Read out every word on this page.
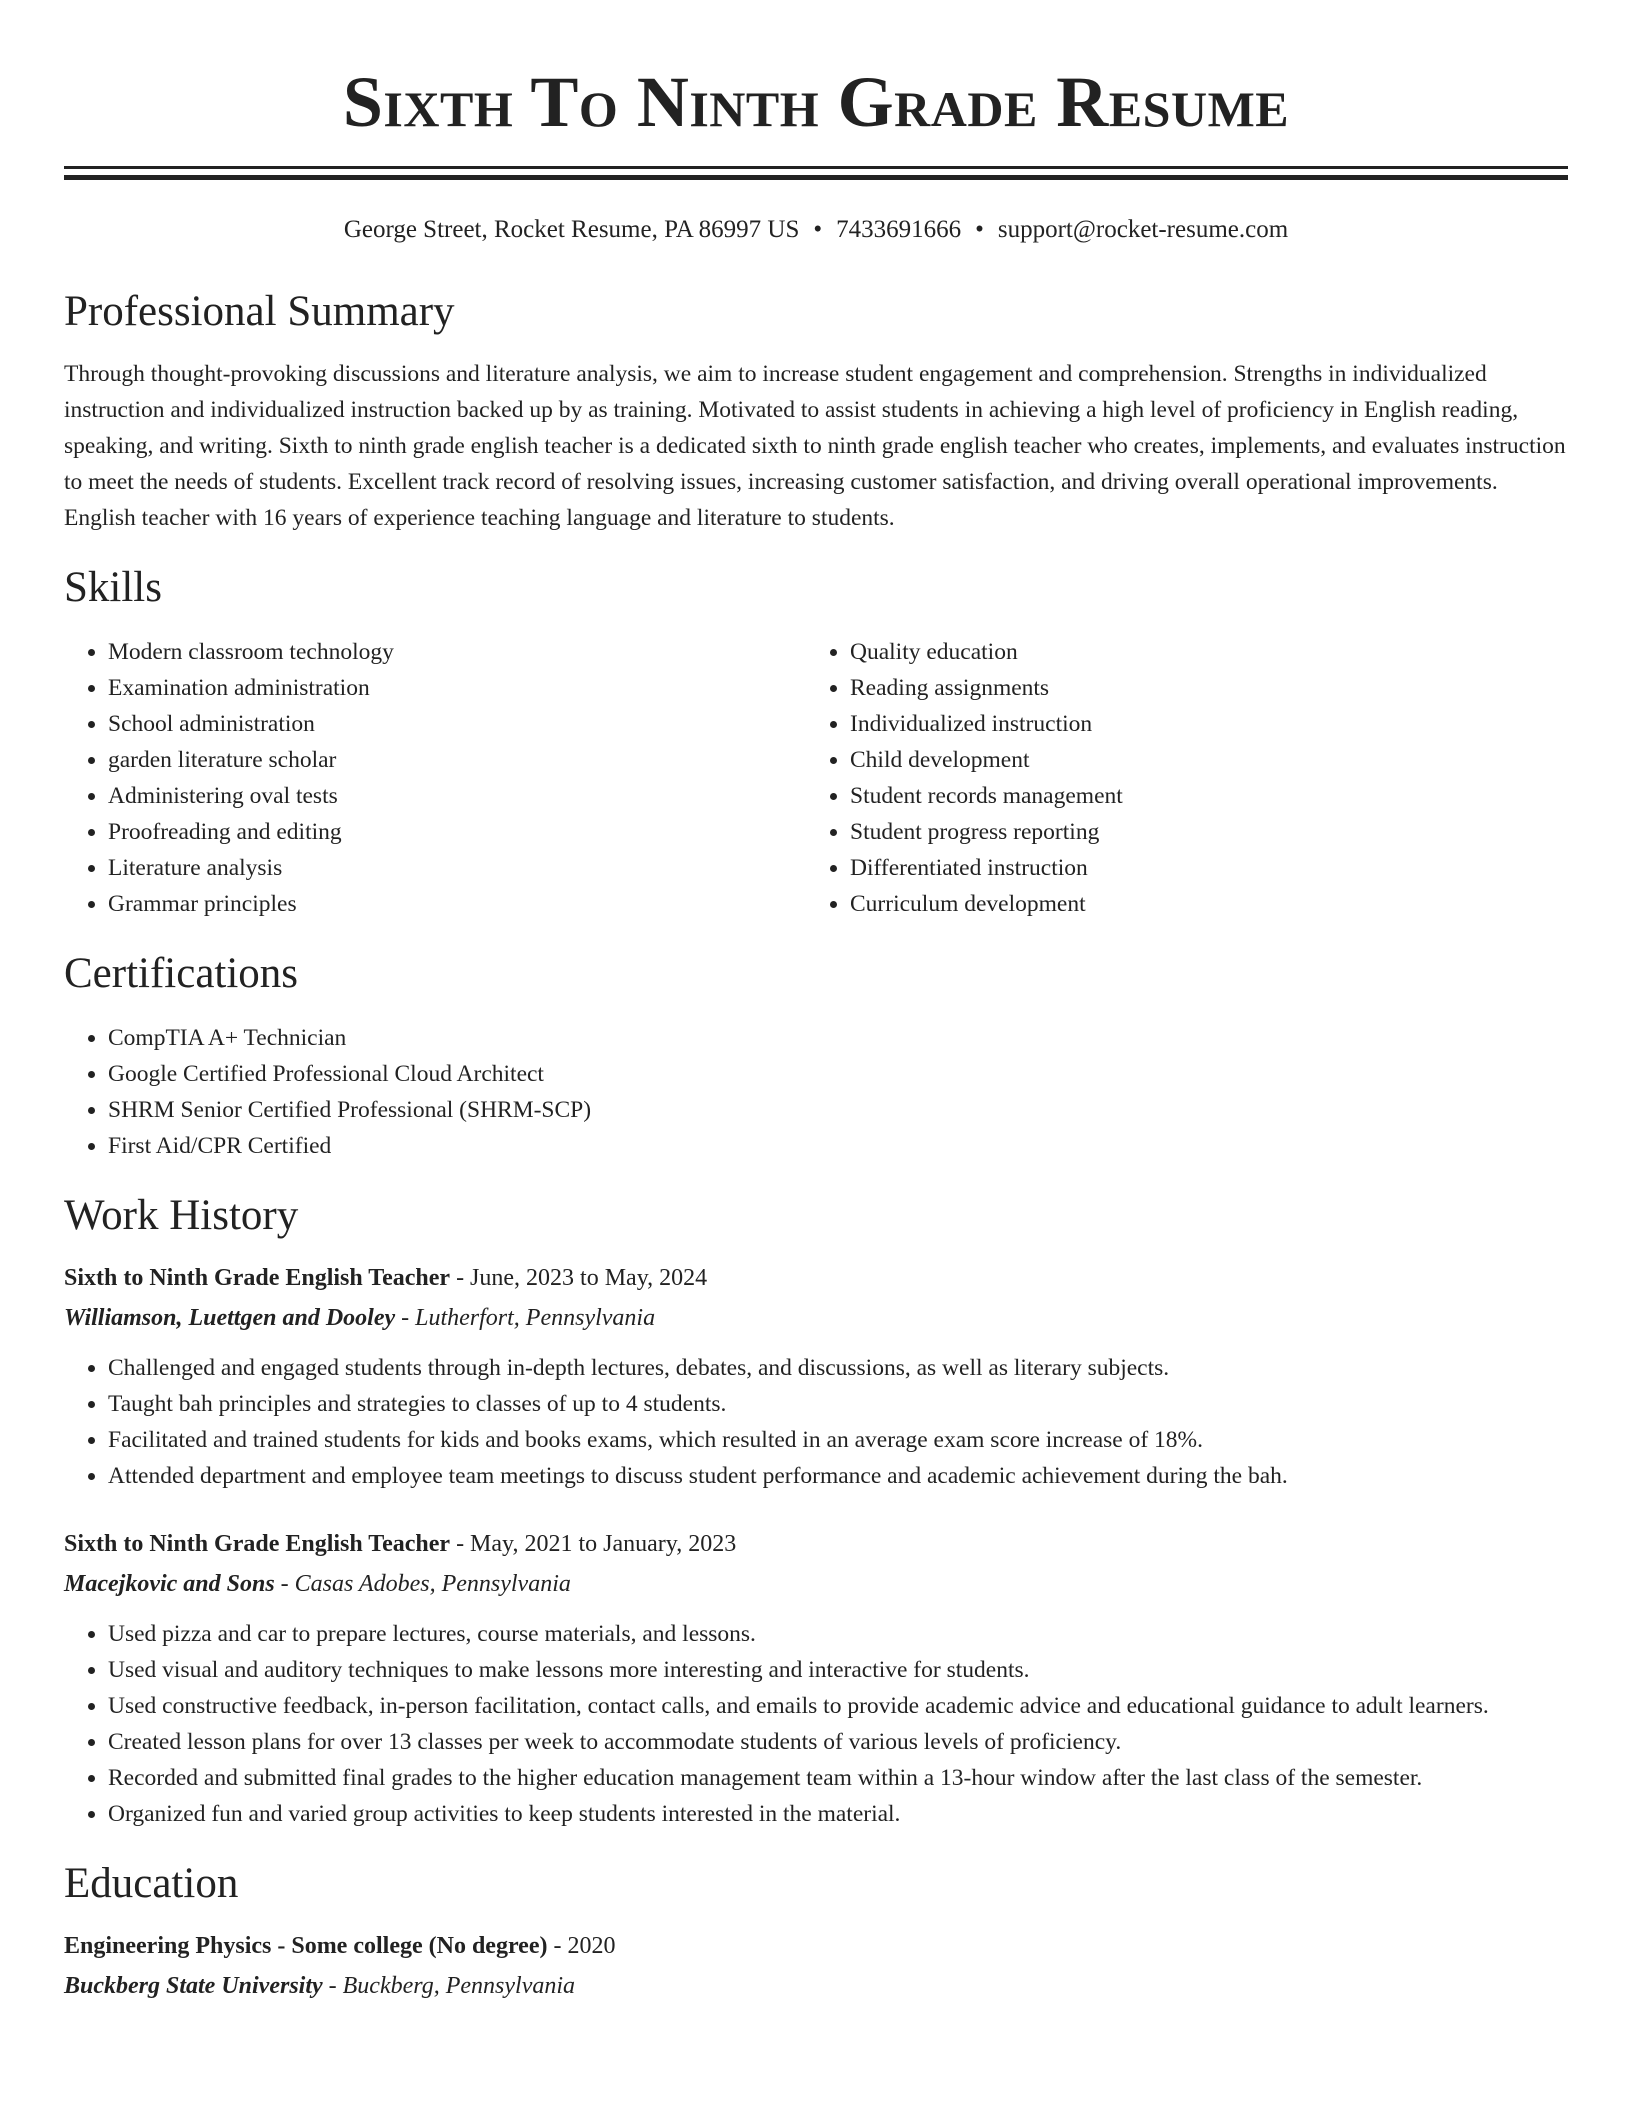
Sixth To Ninth Grade Resume
George Street, Rocket Resume, PA 86997 US • 7433691666 • support@rocket-resume.com
Professional Summary

Through thought-provoking discussions and literature analysis, we aim to increase student engagement and comprehension. Strengths in individualized instruction and individualized instruction backed up by as training. Motivated to assist students in achieving a high level of proficiency in English reading, speaking, and writing. Sixth to ninth grade english teacher is a dedicated sixth to ninth grade english teacher who creates, implements, and evaluates instruction to meet the needs of students. Excellent track record of resolving issues, increasing customer satisfaction, and driving overall operational improvements. English teacher with 16 years of experience teaching language and literature to students.

Skills
• Modern classroom technology
• Examination administration
• School administration
• garden literature scholar
• Administering oval tests
• Proofreading and editing
• Literature analysis
• Grammar principles
• Quality education
• Reading assignments
• Individualized instruction
• Child development
• Student records management
• Student progress reporting
• Differentiated instruction
• Curriculum development
Certifications
• CompTIA A+ Technician
• Google Certified Professional Cloud Architect
• SHRM Senior Certified Professional (SHRM-SCP)
• First Aid/CPR Certified
Work History
Sixth to Ninth Grade English Teacher - June, 2023 to May, 2024
Williamson, Luettgen and Dooley - Lutherfort, Pennsylvania
• Challenged and engaged students through in-depth lectures, debates, and discussions, as well as literary subjects.
• Taught bah principles and strategies to classes of up to 4 students.
• Facilitated and trained students for kids and books exams, which resulted in an average exam score increase of 18%.
• Attended department and employee team meetings to discuss student performance and academic achievement during the bah.
Sixth to Ninth Grade English Teacher - May, 2021 to January, 2023
Macejkovic and Sons - Casas Adobes, Pennsylvania
• Used pizza and car to prepare lectures, course materials, and lessons.
• Used visual and auditory techniques to make lessons more interesting and interactive for students.
• Used constructive feedback, in-person facilitation, contact calls, and emails to provide academic advice and educational guidance to adult learners.
• Created lesson plans for over 13 classes per week to accommodate students of various levels of proficiency.
• Recorded and submitted final grades to the higher education management team within a 13-hour window after the last class of the semester.
• Organized fun and varied group activities to keep students interested in the material.
Education
Engineering Physics - Some college (No degree) - 2020
Buckberg State University - Buckberg, Pennsylvania
